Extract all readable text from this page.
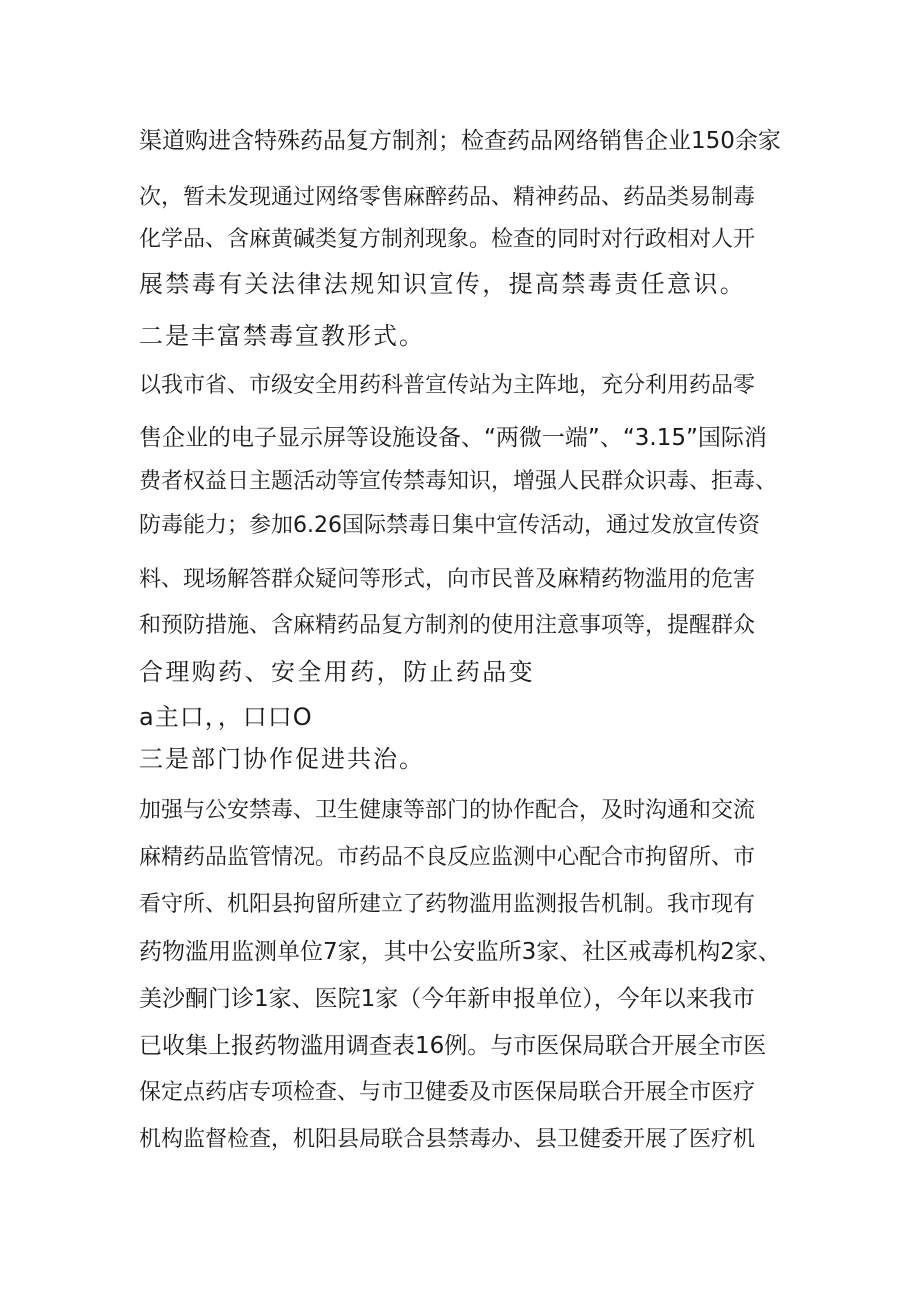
渠道购进含特殊药品复方制剂；检查药品网络销售企业150余家
次，暂未发现通过网络零售麻醉药品、精神药品、药品类易制毒
化学品、含麻黄碱类复方制剂现象。检查的同时对行政相对人开
展禁毒有关法律法规知识宣传，提高禁毒责任意识。
二是丰富禁毒宣教形式。
以我市省、市级安全用药科普宣传站为主阵地，充分利用药品零
售企业的电子显示屏等设施设备、“两微一端”、“3.15”国际消
费者权益日主题活动等宣传禁毒知识，增强人民群众识毒、拒毒、
防毒能力；参加6.26国际禁毒日集中宣传活动，通过发放宣传资
料、现场解答群众疑问等形式，向市民普及麻精药物滥用的危害
和预防措施、含麻精药品复方制剂的使用注意事项等，提醒群众
合理购药、安全用药，防止药品变
a主口，，口口O
三是部门协作促进共治。
加强与公安禁毒、卫生健康等部门的协作配合，及时沟通和交流
麻精药品监管情况。市药品不良反应监测中心配合市拘留所、市
看守所、机阳县拘留所建立了药物滥用监测报告机制。我市现有
药物滥用监测单位7家，其中公安监所3家、社区戒毒机构2家、
美沙酮门诊1家、医院1家（今年新申报单位），今年以来我市
已收集上报药物滥用调查表16例。与市医保局联合开展全市医
保定点药店专项检查、与市卫健委及市医保局联合开展全市医疗
机构监督检查，机阳县局联合县禁毒办、县卫健委开展了医疗机
